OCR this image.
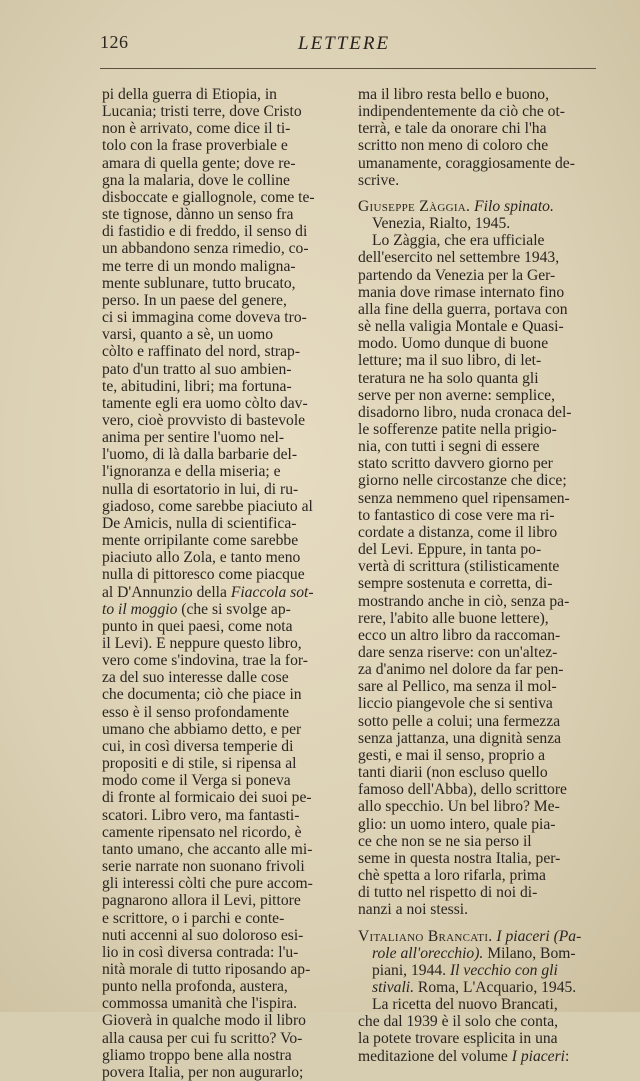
126	LETTERE
pi della guerra di Etiopia, in
Lucania; tristi terre, dove Cristo
non è arrivato, come dice il ti-
tolo con la frase proverbiale e
amara di quella gente; dove re-
gna la malaria, dove le colline
disboccate e giallognole, come te-
ste tignose, dànno un senso fra
di fastidio e di freddo, il senso di
un abbandono senza rimedio, co-
me terre di un mondo maligna-
mente sublunare, tutto brucato,
perso. In un paese del genere,
ci si immagina come doveva tro-
varsi, quanto a sè, un uomo
còlto e raffinato del nord, strap-
pato d'un tratto al suo ambien-
te, abitudini, libri; ma fortuna-
tamente egli era uomo còlto dav-
vero, cioè provvisto di bastevole
anima per sentire l'uomo nel-
l'uomo, di là dalla barbarie del-
l'ignoranza e della miseria; e
nulla di esortatorio in lui, di ru-
giadoso, come sarebbe piaciuto al
De Amicis, nulla di scientifica-
mente orripilante come sarebbe
piaciuto allo Zola, e tanto meno
nulla di pittoresco come piacque
al D'Annunzio della Fiaccola sot-
to il moggio (che si svolge ap-
punto in quei paesi, come nota
il Levi). E neppure questo libro,
vero come s'indovina, trae la for-
za del suo interesse dalle cose
che documenta; ciò che piace in
esso è il senso profondamente
umano che abbiamo detto, e per
cui, in così diversa temperie di
propositi e di stile, si ripensa al
modo come il Verga si poneva
di fronte al formicaio dei suoi pe-
scatori. Libro vero, ma fantasti-
camente ripensato nel ricordo, è
tanto umano, che accanto alle mi-
serie narrate non suonano frivoli
gli interessi còlti che pure accom-
pagnarono allora il Levi, pittore
e scrittore, o i parchi e conte-
nuti accenni al suo doloroso esi-
lio in così diversa contrada: l'u-
nità morale di tutto riposando ap-
punto nella profonda, austera,
commossa umanità che l'ispira.
Gioverà in qualche modo il libro
alla causa per cui fu scritto? Vo-
gliamo troppo bene alla nostra
povera Italia, per non augurarlo;
ma il libro resta bello e buono,
indipendentemente da ciò che ot-
terrà, e tale da onorare chi l'ha
scritto non meno di coloro che
umanamente, coraggiosamente de-
scrive.
Giuseppe Zàggia. Filo spinato.
Venezia, Rialto, 1945.
Lo Zàggia, che era ufficiale
dell'esercito nel settembre 1943,
partendo da Venezia per la Ger-
mania dove rimase internato fino
alla fine della guerra, portava con
sè nella valigia Montale e Quasi-
modo. Uomo dunque di buone
letture; ma il suo libro, di let-
teratura ne ha solo quanta gli
serve per non averne: semplice,
disadorno libro, nuda cronaca del-
le sofferenze patite nella prigio-
nia, con tutti i segni di essere
stato scritto davvero giorno per
giorno nelle circostanze che dice;
senza nemmeno quel ripensamen-
to fantastico di cose vere ma ri-
cordate a distanza, come il libro
del Levi. Eppure, in tanta po-
vertà di scrittura (stilisticamente
sempre sostenuta e corretta, di-
mostrando anche in ciò, senza pa-
rere, l'abito alle buone lettere),
ecco un altro libro da raccoman-
dare senza riserve: con un'altez-
za d'animo nel dolore da far pen-
sare al Pellico, ma senza il mol-
liccio piangevole che si sentiva
sotto pelle a colui; una fermezza
senza jattanza, una dignità senza
gesti, e mai il senso, proprio a
tanti diarii (non escluso quello
famoso dell'Abba), dello scrittore
allo specchio. Un bel libro? Me-
glio: un uomo intero, quale pia-
ce che non se ne sia perso il
seme in questa nostra Italia, per-
chè spetta a loro rifarla, prima
di tutto nel rispetto di noi di-
nanzi a noi stessi.
Vitaliano Brancati. I piaceri (Pa-
role all'orecchio). Milano, Bom-
piani, 1944. Il vecchio con gli
stivali. Roma, L'Acquario, 1945.
La ricetta del nuovo Brancati,
che dal 1939 è il solo che conta,
la potete trovare esplicita in una
meditazione del volume I piaceri:
